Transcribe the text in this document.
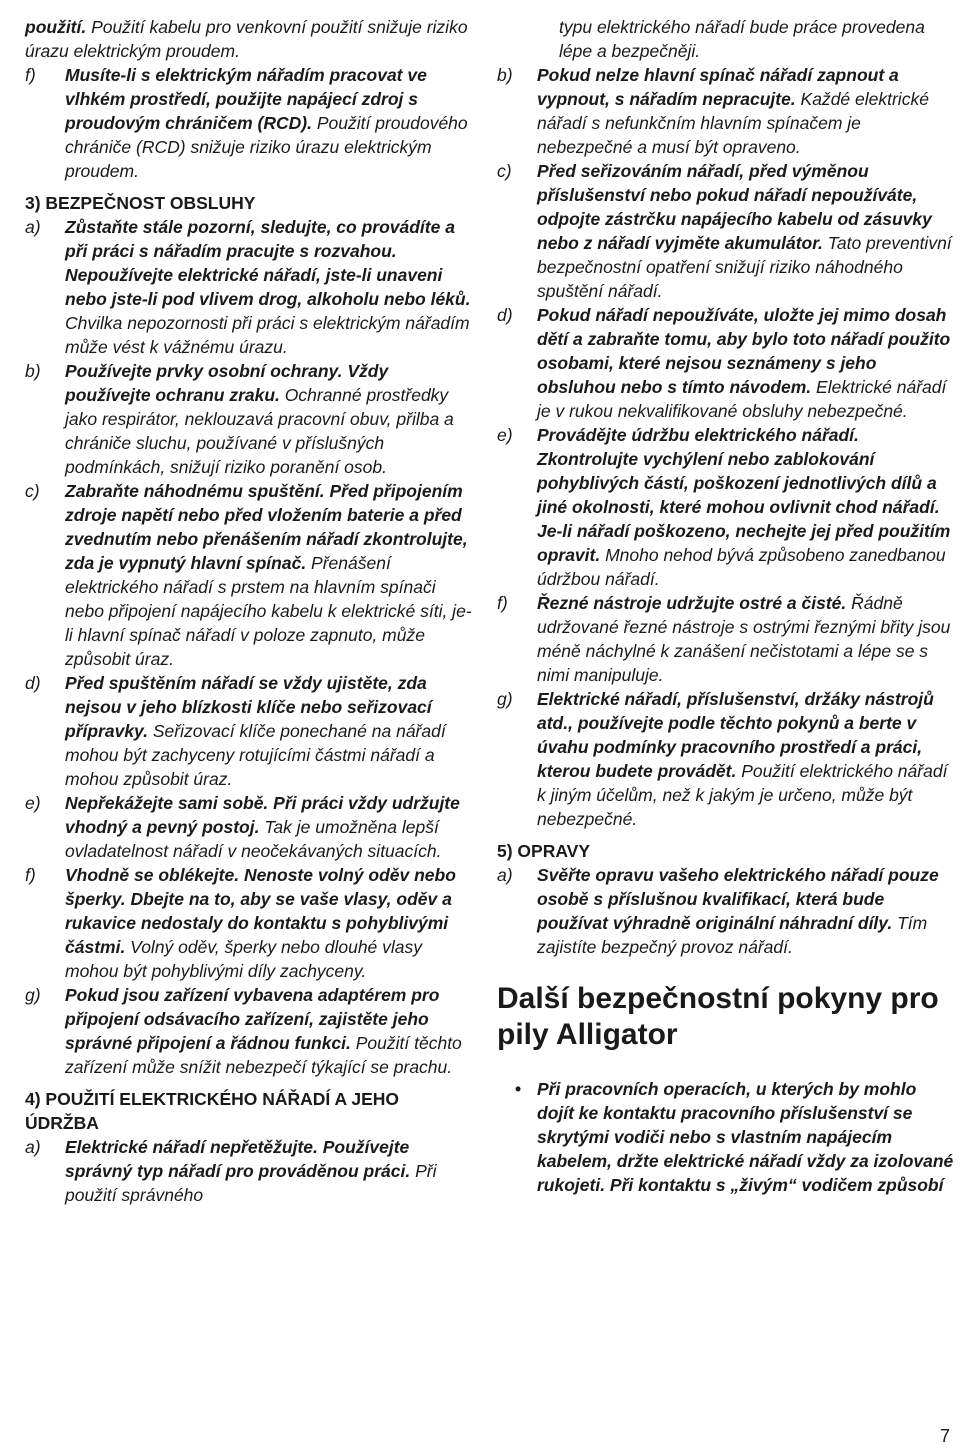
použití. Použití kabelu pro venkovní použití snižuje riziko úrazu elektrickým proudem.

f) Musíte-li s elektrickým nářadím pracovat ve vlhkém prostředí, použijte napájecí zdroj s proudovým chráničem (RCD). Použití proudového chrániče (RCD) snižuje riziko úrazu elektrickým proudem.

3) BEZPEČNOST OBSLUHY

a) Zůstaňte stále pozorní, sledujte, co provádíte a při práci s nářadím pracujte s rozvahou. Nepoužívejte elektrické nářadí, jste-li unaveni nebo jste-li pod vlivem drog, alkoholu nebo léků. Chvilka nepozornosti při práci s elektrickým nářadím může vést k vážnému úrazu.
b) Používejte prvky osobní ochrany. Vždy používejte ochranu zraku. Ochranné prostředky jako respirátor, neklouzavá pracovní obuv, přilba a chrániče sluchu, používané v příslušných podmínkách, snižují riziko poranění osob.
c) Zabraňte náhodnému spuštění. Před připojením zdroje napětí nebo před vložením baterie a před zvednutím nebo přenášením nářadí zkontrolujte, zda je vypnutý hlavní spínač. Přenášení elektrického nářadí s prstem na hlavním spínači nebo připojení napájecího kabelu k elektrické síti, je-li hlavní spínač nářadí v poloze zapnuto, může způsobit úraz.
d) Před spuštěním nářadí se vždy ujistěte, zda nejsou v jeho blízkosti klíče nebo seřizovací přípravky. Seřizovací klíče ponechané na nářadí mohou být zachyceny rotujícími částmi nářadí a mohou způsobit úraz.
e) Nepřekážejte sami sobě. Při práci vždy udržujte vhodný a pevný postoj. Tak je umožněna lepší ovladatelnost nářadí v neočekávaných situacích.
f) Vhodně se oblékejte. Nenoste volný oděv nebo šperky. Dbejte na to, aby se vaše vlasy, oděv a rukavice nedostaly do kontaktu s pohyblivými částmi. Volný oděv, šperky nebo dlouhé vlasy mohou být pohyblivými díly zachyceny.
g) Pokud jsou zařízení vybavena adaptérem pro připojení odsávacího zařízení, zajistěte jeho správné připojení a řádnou funkci. Použití těchto zařízení může snížit nebezpečí týkající se prachu.

4) POUŽITÍ ELEKTRICKÉHO NÁŘADÍ A JEHO ÚDRŽBA

a) Elektrické nářadí nepřetěžujte. Používejte správný typ nářadí pro prováděnou práci. Při použití správného

typu elektrického nářadí bude práce provedena lépe a bezpečněji.

b) Pokud nelze hlavní spínač nářadí zapnout a vypnout, s nářadím nepracujte. Každé elektrické nářadí s nefunkčním hlavním spínačem je nebezpečné a musí být opraveno.
c) Před seřizováním nářadí, před výměnou příslušenství nebo pokud nářadí nepoužíváte, odpojte zástrčku napájecího kabelu od zásuvky nebo z nářadí vyjměte akumulátor. Tato preventivní bezpečnostní opatření snižují riziko náhodného spuštění nářadí.
d) Pokud nářadí nepoužíváte, uložte jej mimo dosah dětí a zabraňte tomu, aby bylo toto nářadí použito osobami, které nejsou seznámeny s jeho obsluhou nebo s tímto návodem. Elektrické nářadí je v rukou nekvalifikované obsluhy nebezpečné.
e) Provádějte údržbu elektrického nářadí. Zkontrolujte vychýlení nebo zablokování pohyblivých částí, poškození jednotlivých dílů a jiné okolnosti, které mohou ovlivnit chod nářadí. Je-li nářadí poškozeno, nechejte jej před použitím opravit. Mnoho nehod bývá způsobeno zanedbanou údržbou nářadí.
f) Řezné nástroje udržujte ostré a čisté. Řádně udržované řezné nástroje s ostrými řeznými břity jsou méně náchylné k zanášení nečistotami a lépe se s nimi manipuluje.
g) Elektrické nářadí, příslušenství, držáky nástrojů atd., používejte podle těchto pokynů a berte v úvahu podmínky pracovního prostředí a práci, kterou budete provádět. Použití elektrického nářadí k jiným účelům, než k jakým je určeno, může být nebezpečné.

5) OPRAVY

a) Svěřte opravu vašeho elektrického nářadí pouze osobě s příslušnou kvalifikací, která bude používat výhradně originální náhradní díly. Tím zajistíte bezpečný provoz nářadí.

Další bezpečnostní pokyny pro pily Alligator

• Při pracovních operacích, u kterých by mohlo dojít ke kontaktu pracovního příslušenství se skrytými vodiči nebo s vlastním napájecím kabelem, držte elektrické nářadí vždy za izolované rukojeti. Při kontaktu s „živým“ vodičem způsobí
7
